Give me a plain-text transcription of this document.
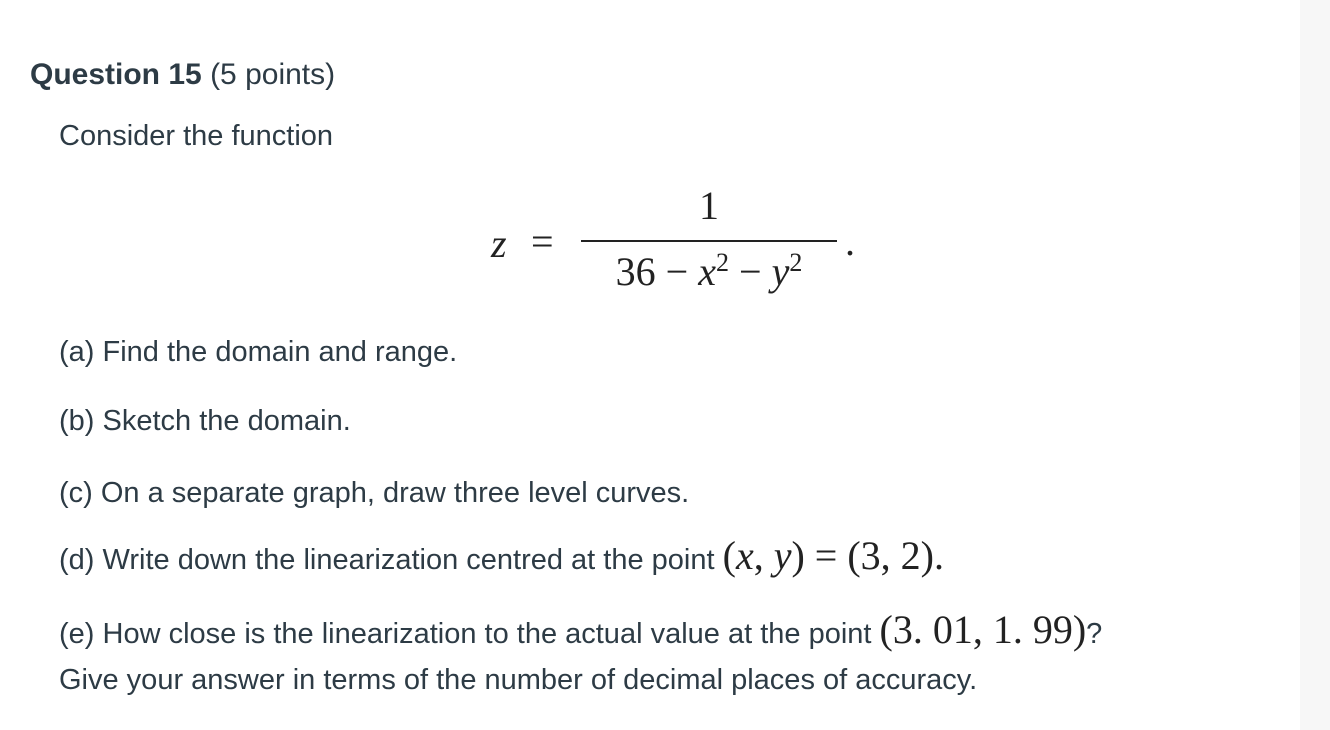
Question 15 (5 points)
Consider the function
z =
1
$36 - x^2 - y^2$	.
(a) Find the domain and range.
(b) Sketch the domain.
(c) On a separate graph, draw three level curves.
(d) Write down the linearization centred at the point (x, y) = (3, 2).
(e) How close is the linearization to the actual value at the point (3. 01, 1. 99)?
Give your answer in terms of the number of decimal places of accuracy.
